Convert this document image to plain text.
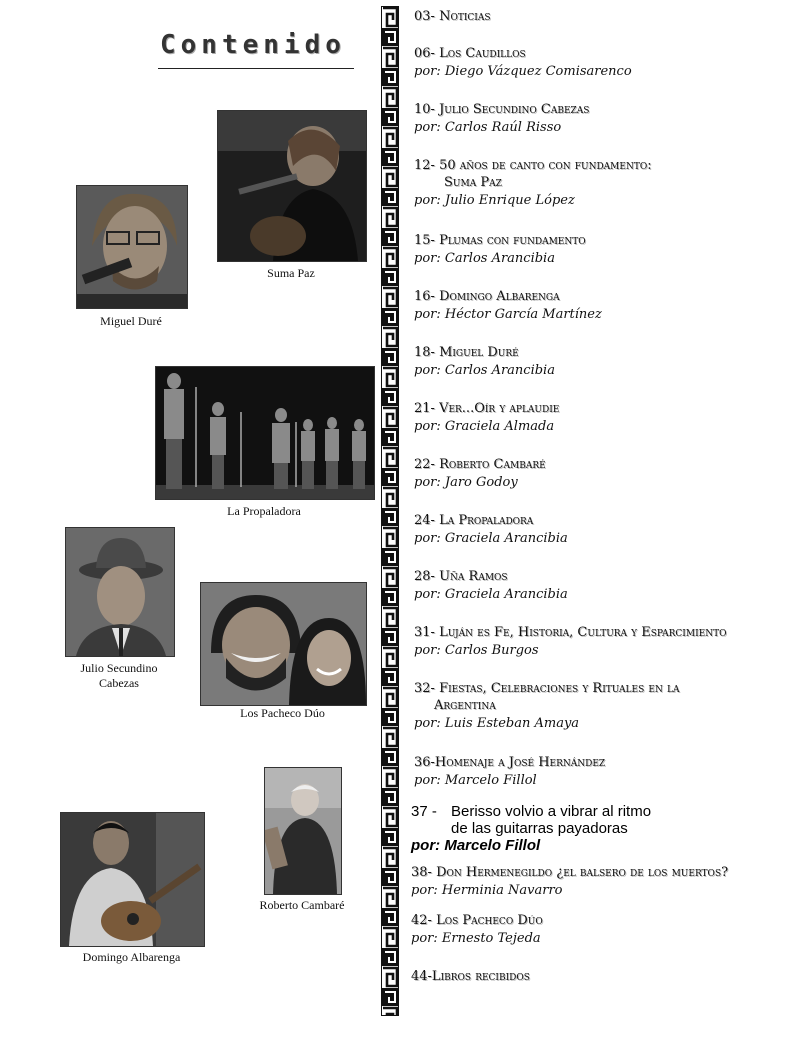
Contenido
Suma Paz
Miguel Duré
La Propaladora
Julio Secundino
Cabezas
Los Pacheco Dúo
Roberto Cambaré
Domingo Albarenga
03- Noticias
06- Los Caudillos
por: Diego Vázquez Comisarenco
10- Julio Secundino Cabezas
por: Carlos Raúl Risso
12- 50 años de canto con fundamento:
Suma Paz
por: Julio Enrique López
15- Plumas con fundamento
por: Carlos Arancibia
16- Domingo Albarenga
por: Héctor García Martínez
18- Miguel Duré
por: Carlos Arancibia
21- Ver...Oír y aplaudie
por: Graciela Almada
22- Roberto Cambaré
por: Jaro Godoy
24- La Propaladora
por: Graciela Arancibia
28- Uña Ramos
por: Graciela Arancibia
31- Luján es Fe, Historia, Cultura y Esparcimiento
por: Carlos Burgos
32- Fiestas, Celebraciones y Rituales en la
Argentina
por: Luis Esteban Amaya
36-Homenaje a José Hernández
por: Marcelo Fillol
37 - Berisso volvio a vibrar al ritmo
de las guitarras payadoras
por: Marcelo Fillol
38- Don Hermenegildo ¿el balsero de los muertos?
por: Herminia Navarro
42- Los Pacheco Dúo
por: Ernesto Tejeda
44-Libros recibidos
